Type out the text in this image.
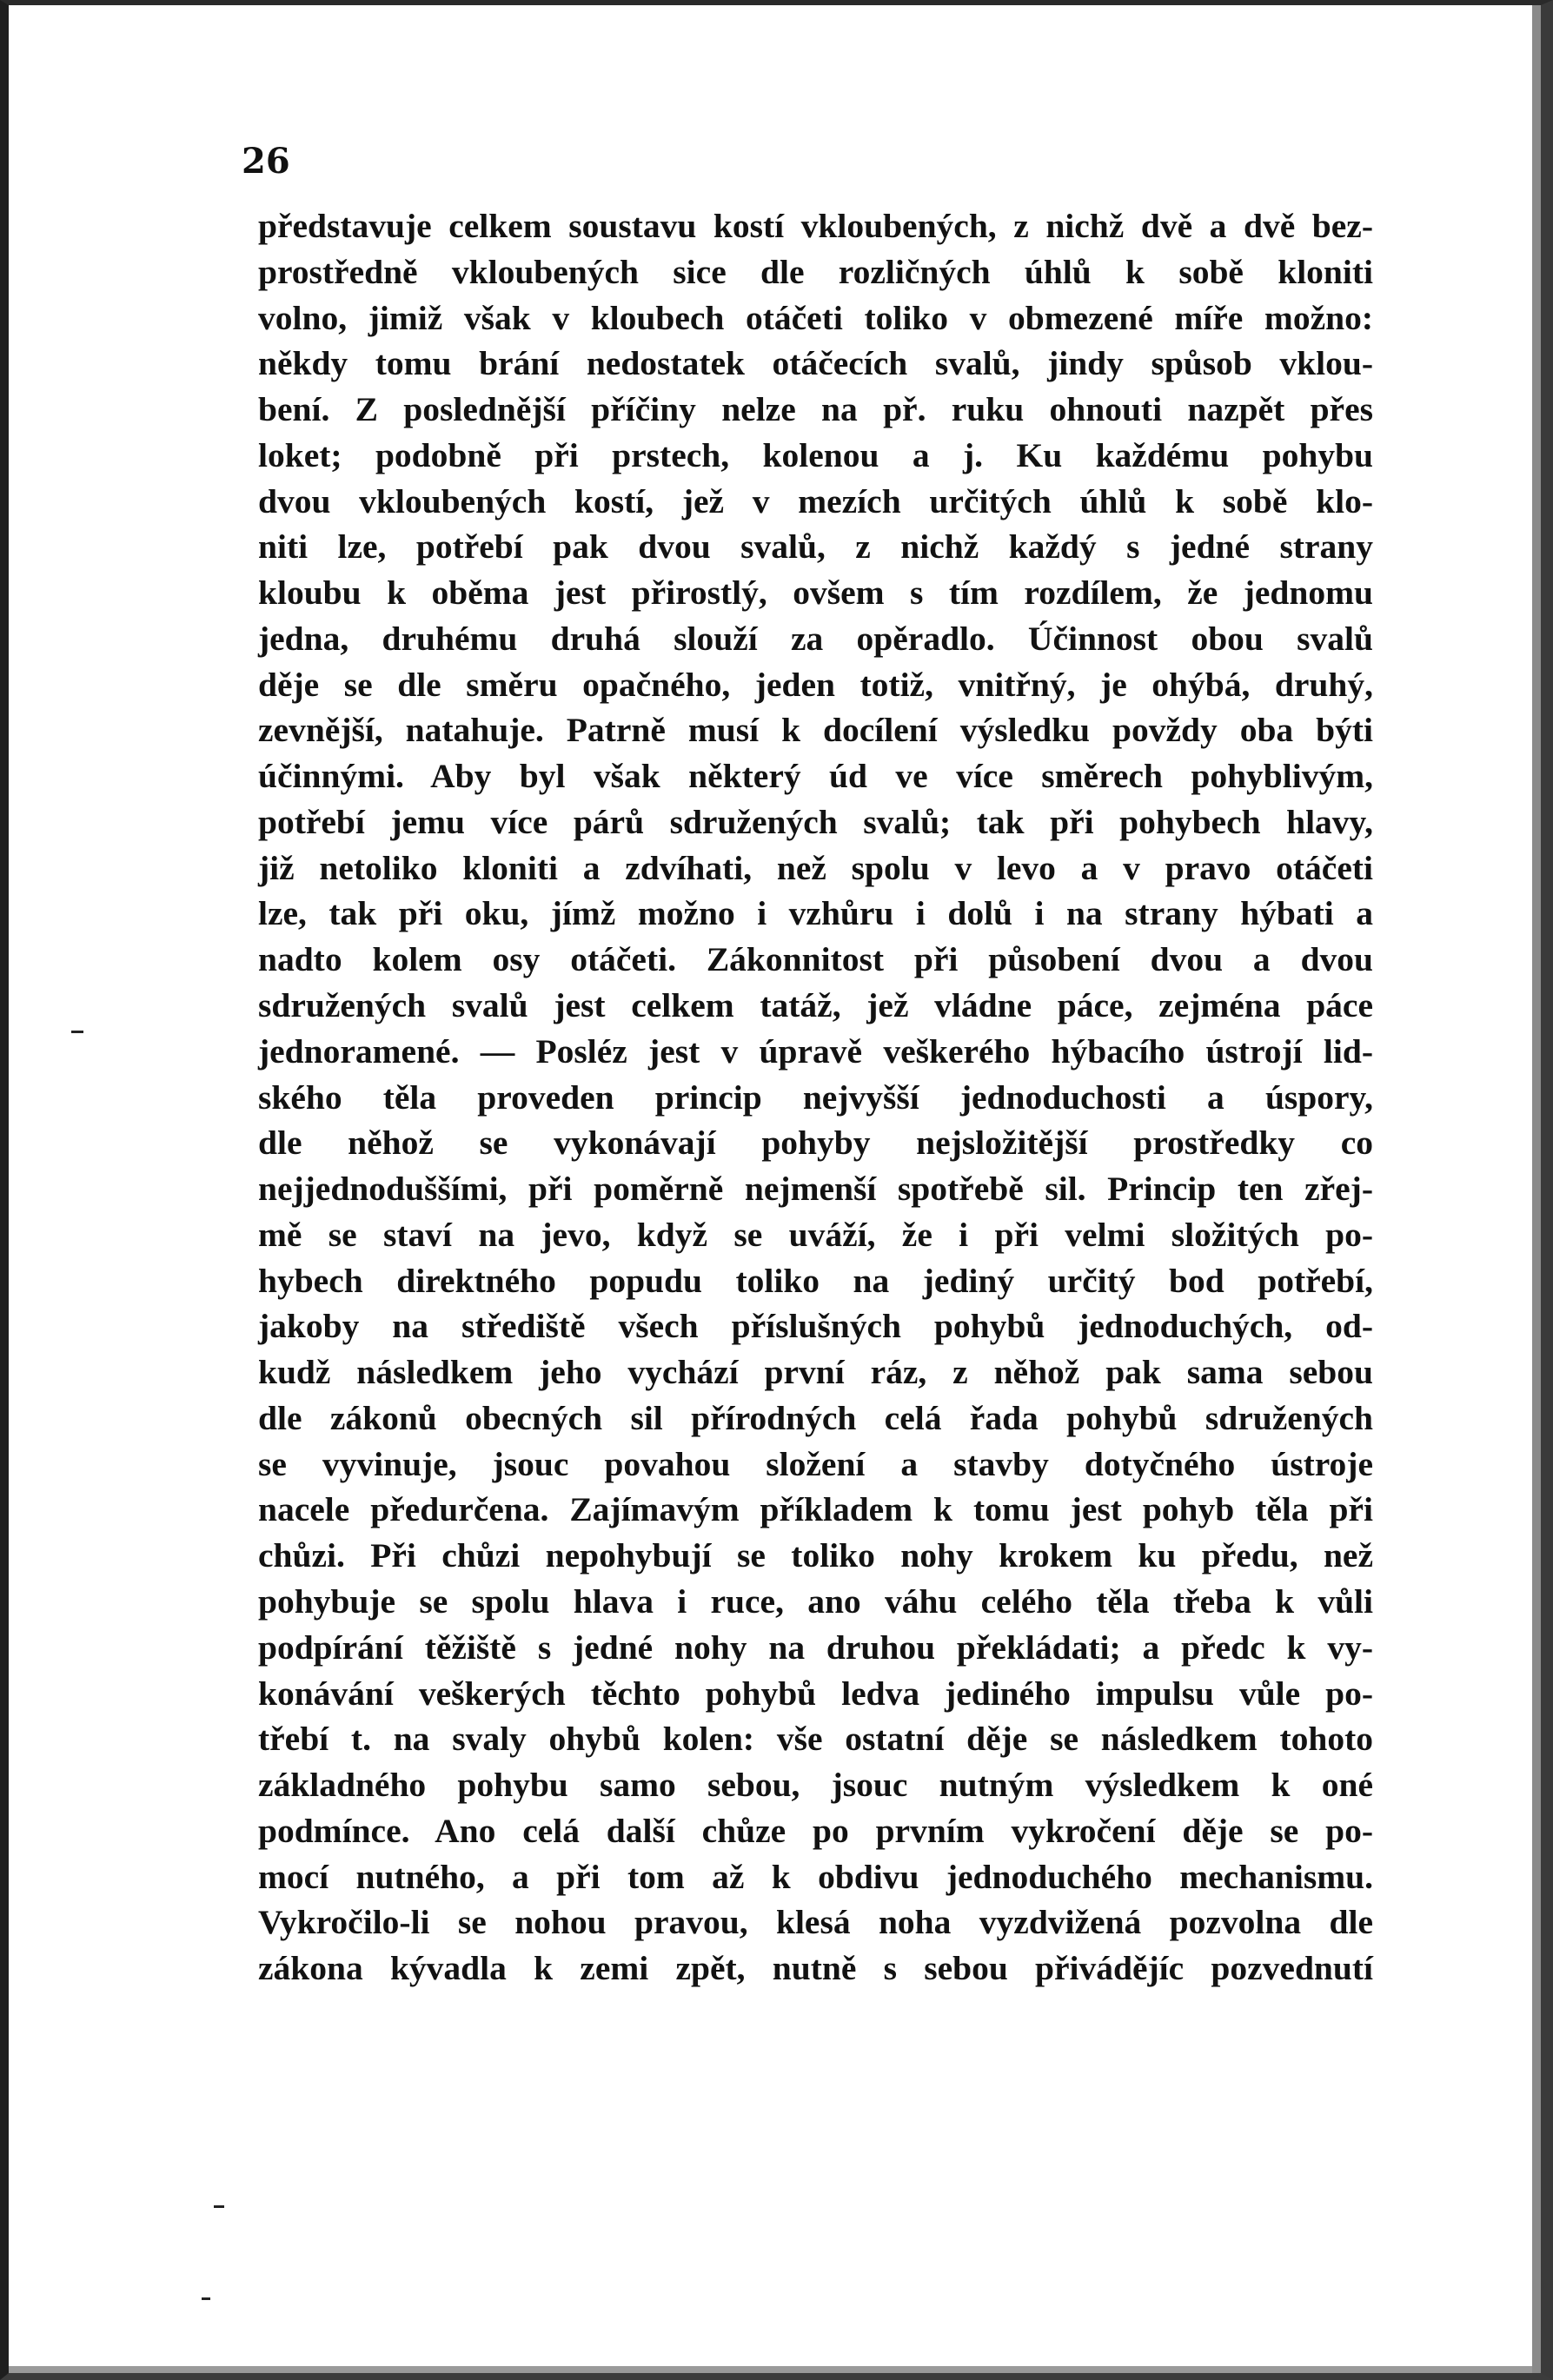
26
představuje celkem soustavu kostí vkloubených, z nichž dvě a dvě bez-
prostředně vkloubených sice dle rozličných úhlů k sobě kloniti
volno, jimiž však v kloubech otáčeti toliko v obmezené míře možno:
někdy tomu brání nedostatek otáčecích svalů, jindy spůsob vklou-
bení. Z poslednější příčiny nelze na př. ruku ohnouti nazpět přes
loket; podobně při prstech, kolenou a j. Ku každému pohybu
dvou vkloubených kostí, jež v mezích určitých úhlů k sobě klo-
niti lze, potřebí pak dvou svalů, z nichž každý s jedné strany
kloubu k oběma jest přirostlý, ovšem s tím rozdílem, že jednomu
jedna, druhému druhá slouží za opěradlo. Účinnost obou svalů
děje se dle směru opačného, jeden totiž, vnitřný, je ohýbá, druhý,
zevnější, natahuje. Patrně musí k docílení výsledku povždy oba býti
účinnými. Aby byl však některý úd ve více směrech pohyblivým,
potřebí jemu více párů sdružených svalů; tak při pohybech hlavy,
již netoliko kloniti a zdvíhati, než spolu v levo a v pravo otáčeti
lze, tak při oku, jímž možno i vzhůru i dolů i na strany hýbati a
nadto kolem osy otáčeti. Zákonnitost při působení dvou a dvou
sdružených svalů jest celkem tatáž, jež vládne páce, zejména páce
jednoramené. — Posléz jest v úpravě veškerého hýbacího ústrojí lid-
ského těla proveden princip nejvyšší jednoduchosti a úspory,
dle něhož se vykonávají pohyby nejsložitější prostředky co
nejjednoduššími, při poměrně nejmenší spotřebě sil. Princip ten zřej-
mě se staví na jevo, když se uváží, že i při velmi složitých po-
hybech direktného popudu toliko na jediný určitý bod potřebí,
jakoby na střediště všech příslušných pohybů jednoduchých, od-
kudž následkem jeho vychází první ráz, z něhož pak sama sebou
dle zákonů obecných sil přírodných celá řada pohybů sdružených
se vyvinuje, jsouc povahou složení a stavby dotyčného ústroje
nacele předurčena. Zajímavým příkladem k tomu jest pohyb těla při
chůzi. Při chůzi nepohybují se toliko nohy krokem ku předu, než
pohybuje se spolu hlava i ruce, ano váhu celého těla třeba k vůli
podpírání těžiště s jedné nohy na druhou překládati; a předc k vy-
konávání veškerých těchto pohybů ledva jediného impulsu vůle po-
třebí t. na svaly ohybů kolen: vše ostatní děje se následkem tohoto
základného pohybu samo sebou, jsouc nutným výsledkem k oné
podmínce. Ano celá další chůze po prvním vykročení děje se po-
mocí nutného, a při tom až k obdivu jednoduchého mechanismu.
Vykročilo-li se nohou pravou, klesá noha vyzdvižená pozvolna dle
zákona kývadla k zemi zpět, nutně s sebou přivádějíc pozvednutí
